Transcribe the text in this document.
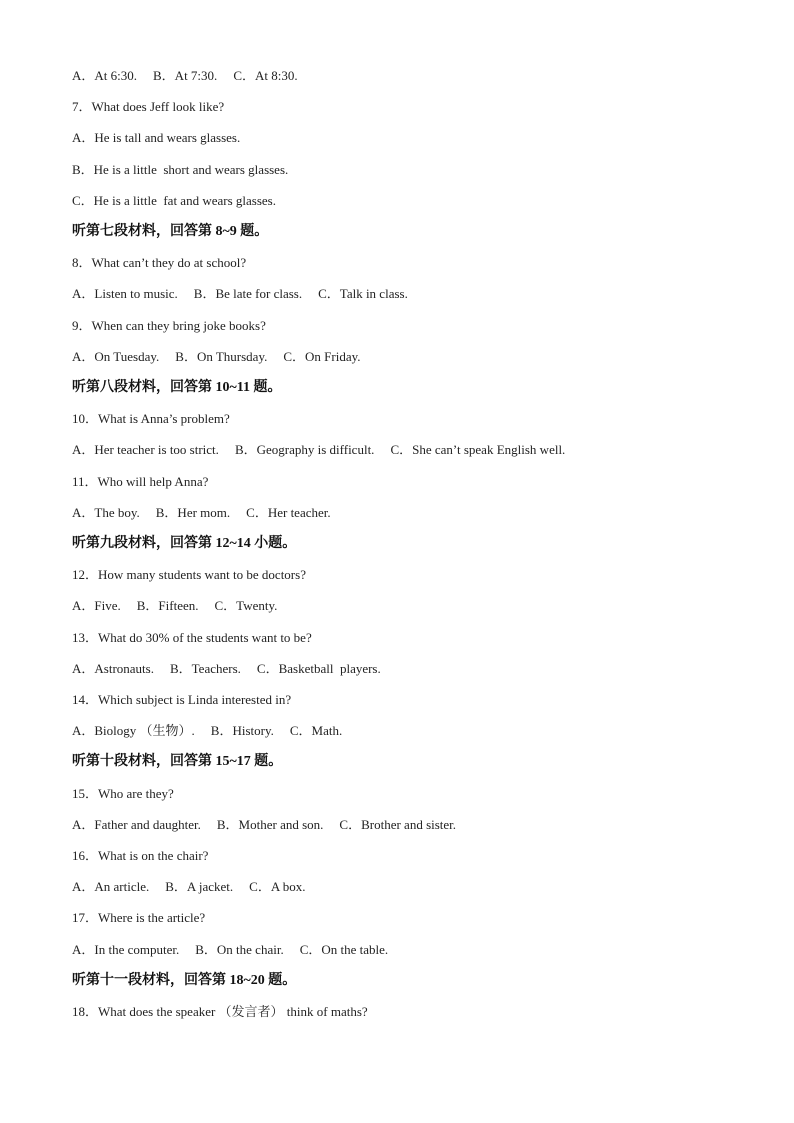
A．At 6:30. B．At 7:30. C．At 8:30.
7．What does Jeff look like?
A．He is tall and wears glasses.
B．He is a little  short and wears glasses.
C．He is a little  fat and wears glasses.
听第七段材料，回答第 8~9 题。
8．What can’t they do at school?
A．Listen to music. B．Be late for class. C．Talk in class.
9．When can they bring joke books?
A．On Tuesday. B．On Thursday. C．On Friday.
听第八段材料，回答第 10~11 题。
10．What is Anna’s problem?
A．Her teacher is too strict. B．Geography is difficult. C．She can’t speak English well.
11．Who will help Anna?
A．The boy. B．Her mom. C．Her teacher.
听第九段材料，回答第 12~14 小题。
12．How many students want to be doctors?
A．Five. B．Fifteen. C．Twenty.
13．What do 30% of the students want to be?
A．Astronauts. B．Teachers. C．Basketball  players.
14．Which subject is Linda interested in?
A．Biology （生物）. B．History. C．Math.
听第十段材料，回答第 15~17 题。
15．Who are they?
A．Father and daughter. B．Mother and son. C．Brother and sister.
16．What is on the chair?
A．An article. B．A jacket. C．A box.
17．Where is the article?
A．In the computer. B．On the chair. C．On the table.
听第十一段材料，回答第 18~20 题。
18．What does the speaker （发言者） think of maths?
